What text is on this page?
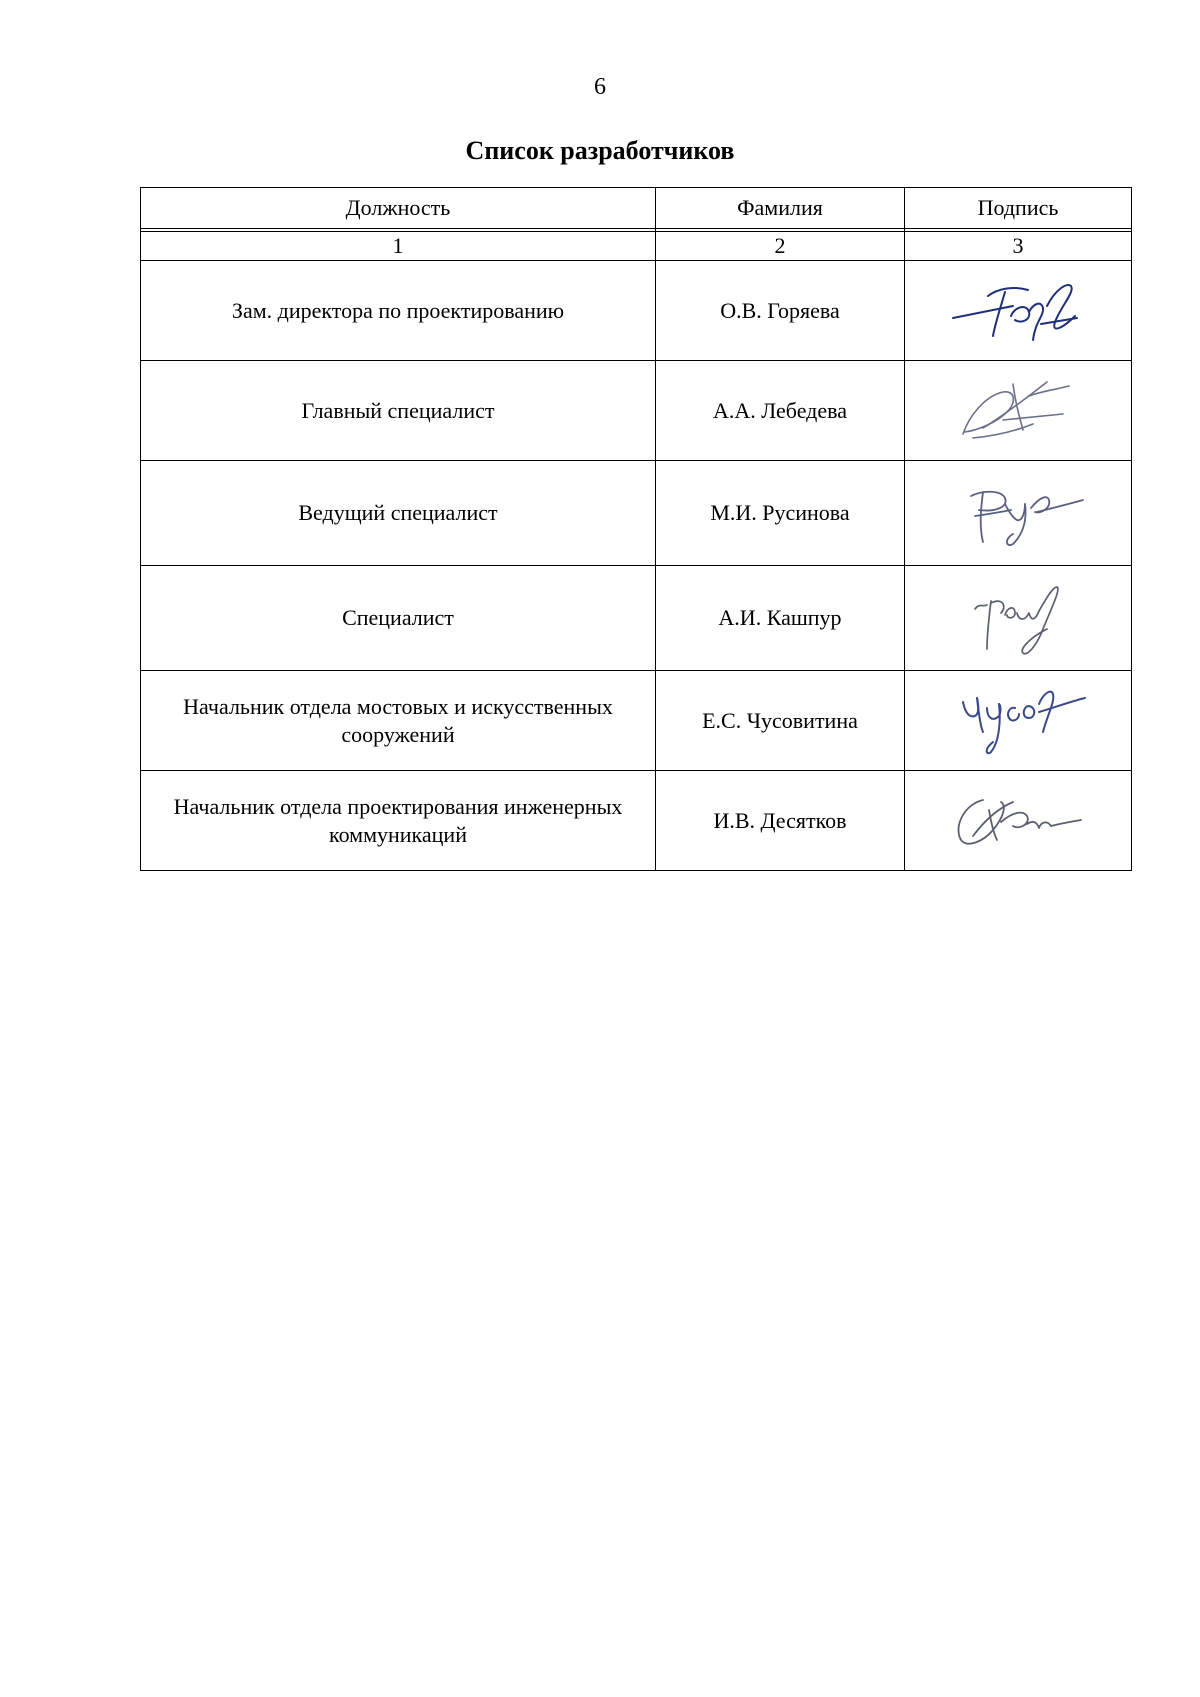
6
Список разработчиков
Должность	Фамилия	Подпись

1	2	3
Зам. директора по проектированию	О.В. Горяева	

Главный специалист	А.А. Лебедева	

Ведущий специалист	М.И. Русинова	

Специалист	А.И. Кашпур	

Начальник отдела мостовых и искусственных сооружений	Е.С. Чусовитина	

Начальник отдела проектирования инженерных коммуникаций	И.В. Десятков	
